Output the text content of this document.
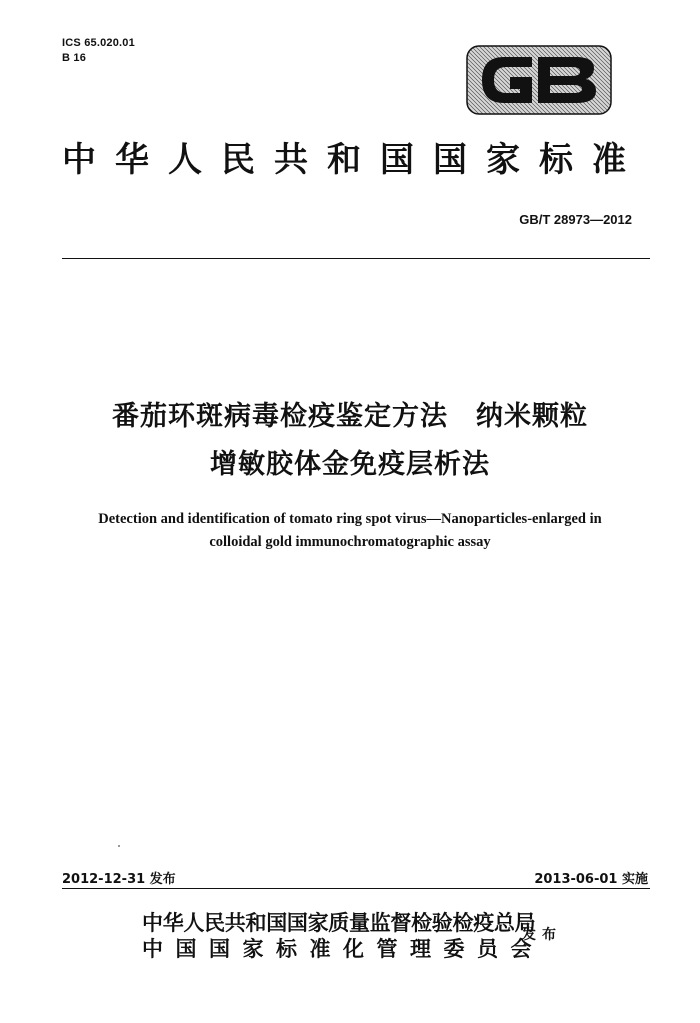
ICS 65.020.01
B 16
中华人民共和国国家标准
GB/T 28973—2012
番茄环斑病毒检疫鉴定方法　纳米颗粒
增敏胶体金免疫层析法
Detection and identification of tomato ring spot virus—Nanoparticles-enlarged in
colloidal gold immunochromatographic assay
2012-12-31 发布	2013-06-01 实施
中华人民共和国国家质量监督检验检疫总局
中国国家标准化管理委员会
发布
